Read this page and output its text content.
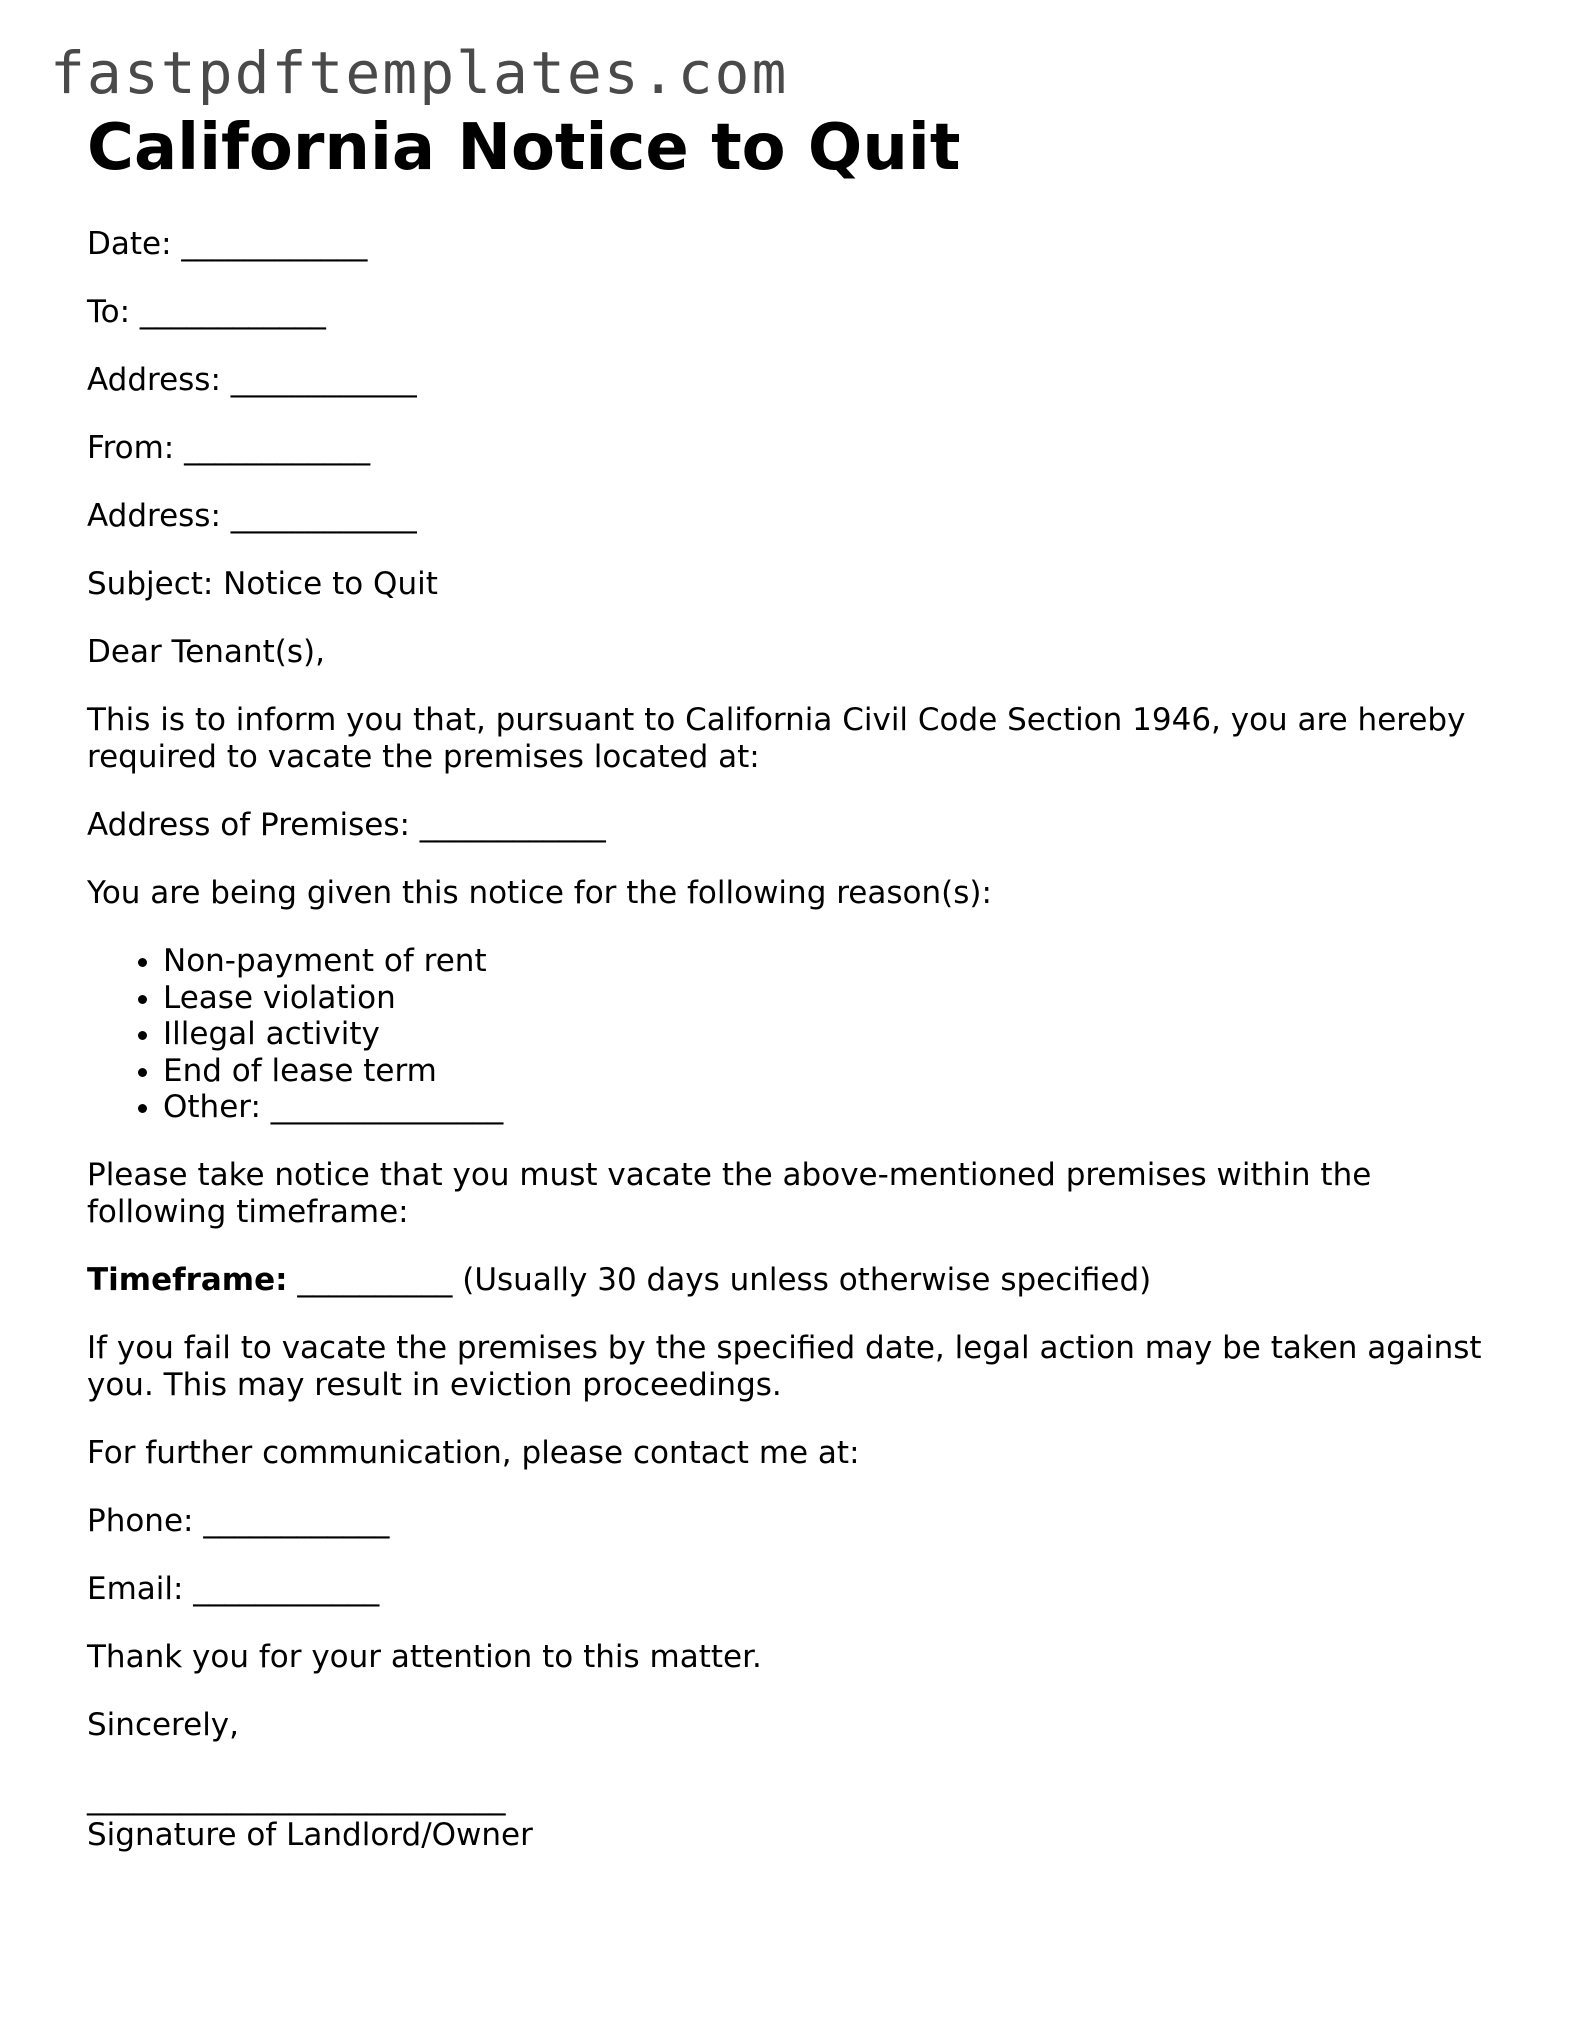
fastpdftemplates.com
California Notice to Quit

Date: ____________

To: ____________

Address: ____________

From: ____________

Address: ____________

Subject: Notice to Quit

Dear Tenant(s),

This is to inform you that, pursuant to California Civil Code Section 1946, you are hereby required to vacate the premises located at:

Address of Premises: ____________

You are being given this notice for the following reason(s):

• Non-payment of rent
• Lease violation
• Illegal activity
• End of lease term
• Other: _______________

Please take notice that you must vacate the above-mentioned premises within the following timeframe:

Timeframe: __________ (Usually 30 days unless otherwise specified)

If you fail to vacate the premises by the specified date, legal action may be taken against you. This may result in eviction proceedings.

For further communication, please contact me at:

Phone: ____________

Email: ____________

Thank you for your attention to this matter.

Sincerely,

___________________________
Signature of Landlord/Owner
